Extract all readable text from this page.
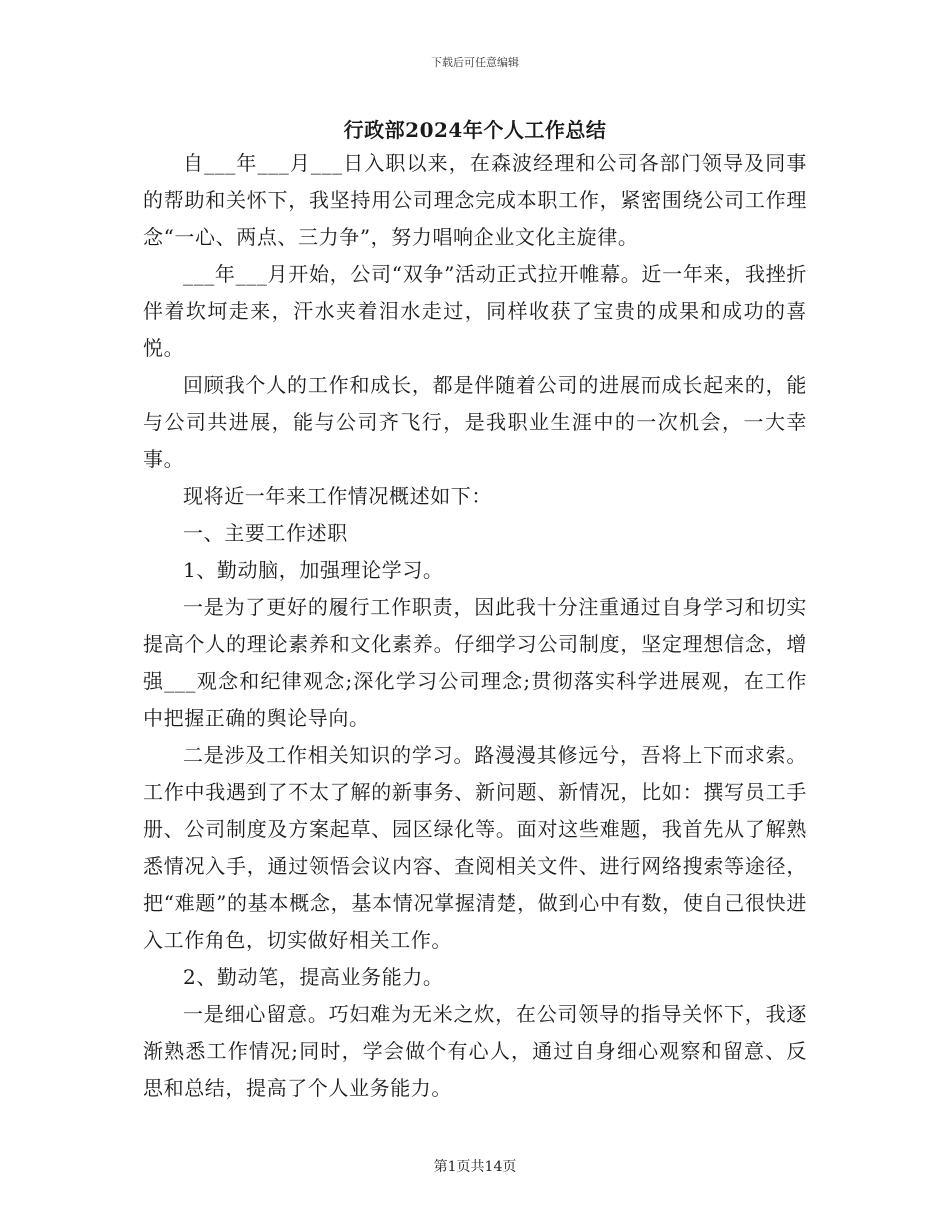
下载后可任意编辑
行政部2024年个人工作总结

自___年___月___日入职以来，在森波经理和公司各部门领导及同事的帮助和关怀下，我坚持用公司理念完成本职工作，紧密围绕公司工作理念“一心、两点、三力争”，努力唱响企业文化主旋律。

___年___月开始，公司“双争”活动正式拉开帷幕。近一年来，我挫折伴着坎坷走来，汗水夹着泪水走过，同样收获了宝贵的成果和成功的喜悦。

回顾我个人的工作和成长，都是伴随着公司的进展而成长起来的，能与公司共进展，能与公司齐飞行，是我职业生涯中的一次机会，一大幸事。

现将近一年来工作情况概述如下：

一、主要工作述职

1、勤动脑，加强理论学习。

一是为了更好的履行工作职责，因此我十分注重通过自身学习和切实提高个人的理论素养和文化素养。仔细学习公司制度，坚定理想信念，增强___观念和纪律观念;深化学习公司理念;贯彻落实科学进展观，在工作中把握正确的舆论导向。

二是涉及工作相关知识的学习。路漫漫其修远兮，吾将上下而求索。工作中我遇到了不太了解的新事务、新问题、新情况，比如：撰写员工手册、公司制度及方案起草、园区绿化等。面对这些难题，我首先从了解熟悉情况入手，通过领悟会议内容、查阅相关文件、进行网络搜索等途径，把“难题”的基本概念，基本情况掌握清楚，做到心中有数，使自己很快进入工作角色，切实做好相关工作。

2、勤动笔，提高业务能力。

一是细心留意。巧妇难为无米之炊，在公司领导的指导关怀下，我逐渐熟悉工作情况;同时，学会做个有心人，通过自身细心观察和留意、反思和总结，提高了个人业务能力。

第1页共14页
